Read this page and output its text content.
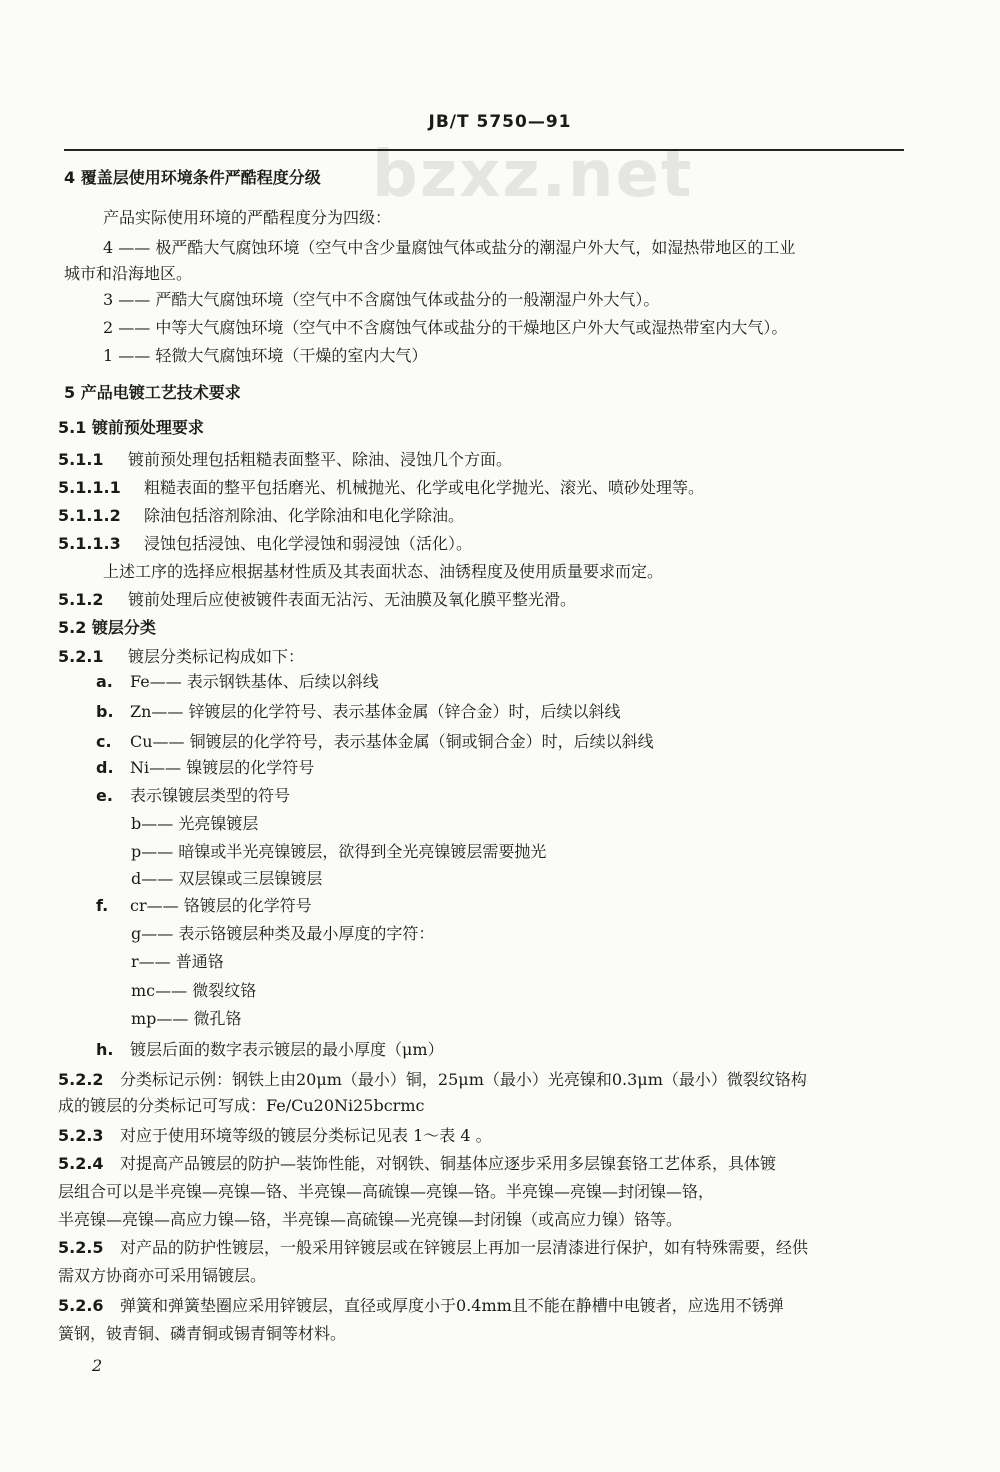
bzxz.net
JB/T 5750—91
4 覆盖层使用环境条件严酷程度分级
产品实际使用环境的严酷程度分为四级：
4 —— 极严酷大气腐蚀环境（空气中含少量腐蚀气体或盐分的潮湿户外大气，如湿热带地区的工业
城市和沿海地区。
3 —— 严酷大气腐蚀环境（空气中不含腐蚀气体或盐分的一般潮湿户外大气）。
2 —— 中等大气腐蚀环境（空气中不含腐蚀气体或盐分的干燥地区户外大气或湿热带室内大气）。
1 —— 轻微大气腐蚀环境（干燥的室内大气）
5 产品电镀工艺技术要求
5.1 镀前预处理要求
5.1.1 镀前预处理包括粗糙表面整平、除油、浸蚀几个方面。
5.1.1.1 粗糙表面的整平包括磨光、机械抛光、化学或电化学抛光、滚光、喷砂处理等。
5.1.1.2 除油包括溶剂除油、化学除油和电化学除油。
5.1.1.3 浸蚀包括浸蚀、电化学浸蚀和弱浸蚀（活化）。
上述工序的选择应根据基材性质及其表面状态、油锈程度及使用质量要求而定。
5.1.2 镀前处理后应使被镀件表面无沾污、无油膜及氧化膜平整光滑。
5.2 镀层分类
5.2.1 镀层分类标记构成如下：
a. Fe—— 表示钢铁基体、后续以斜线
b. Zn—— 锌镀层的化学符号、表示基体金属（锌合金）时，后续以斜线
c. Cu—— 铜镀层的化学符号，表示基体金属（铜或铜合金）时，后续以斜线
d. Ni—— 镍镀层的化学符号
e. 表示镍镀层类型的符号
b—— 光亮镍镀层
p—— 暗镍或半光亮镍镀层，欲得到全光亮镍镀层需要抛光
d—— 双层镍或三层镍镀层
f. cr—— 铬镀层的化学符号
g—— 表示铬镀层种类及最小厚度的字符：
r—— 普通铬
mc—— 微裂纹铬
mp—— 微孔铬
h. 镀层后面的数字表示镀层的最小厚度（μm）
5.2.2 分类标记示例：钢铁上由20μm（最小）铜，25μm（最小）光亮镍和0.3μm（最小）微裂纹铬构
成的镀层的分类标记可写成：Fe/Cu20Ni25bcrmc
5.2.3 对应于使用环境等级的镀层分类标记见表 1～表 4 。
5.2.4 对提高产品镀层的防护—装饰性能，对钢铁、铜基体应逐步采用多层镍套铬工艺体系，具体镀
层组合可以是半亮镍—亮镍—铬、半亮镍—高硫镍—亮镍—铬。半亮镍—亮镍—封闭镍—铬，
半亮镍—亮镍—高应力镍—铬，半亮镍—高硫镍—光亮镍—封闭镍（或高应力镍）铬等。
5.2.5 对产品的防护性镀层，一般采用锌镀层或在锌镀层上再加一层清漆进行保护，如有特殊需要，经供
需双方协商亦可采用镉镀层。
5.2.6 弹簧和弹簧垫圈应采用锌镀层，直径或厚度小于0.4mm且不能在静槽中电镀者，应选用不锈弹
簧钢，铍青铜、磷青铜或锡青铜等材料。
2
